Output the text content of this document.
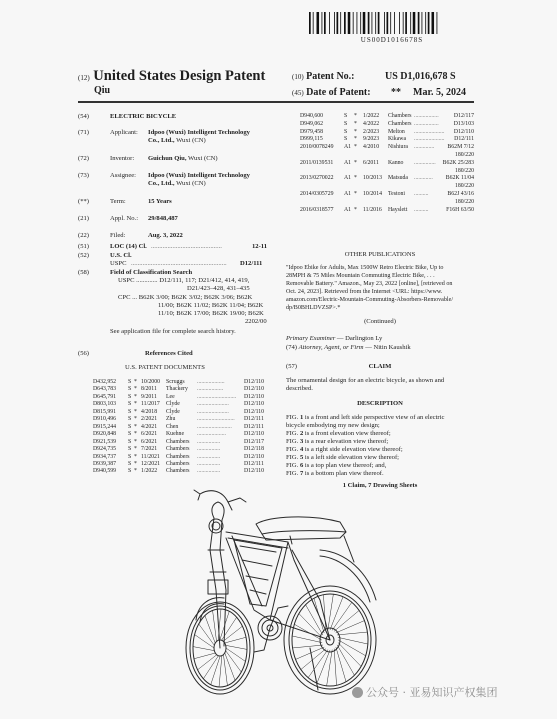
US00D1016678S
(12) United States Design Patent	(10) Patent No.:	US D1,016,678 S
Qiu	(45) Date of Patent: ** Mar. 5, 2024
(54)	ELECTRIC BICYCLE
(71)	Applicant: Idpoo (Wuxi) Intelligent Technology
Co., Ltd., Wuxi (CN)
(72)	Inventor: Guichun Qiu, Wuxi (CN)
(73)	Assignee: Idpoo (Wuxi) Intelligent Technology
Co., Ltd., Wuxi (CN)
(**)	Term:	15 Years
(21)	Appl. No.: 29/848,487
(22)	Filed:	Aug. 3, 2022
(51)	LOC (14) Cl. ...........................................	12-11
(52)	U.S. Cl.
USPC .......................................................... D12/111
(58)	Field of Classification Search
USPC ............. D12/111, 117; D21/412, 414, 419,
D21/423–428, 431–435
CPC ... B62K 3/00; B62K 3/02; B62K 3/06; B62K
11/00; B62K 11/02; B62K 11/04; B62K
11/10; B62K 17/00; B62K 19/00; B62K
2202/00
See application file for complete search history.
(56)	References Cited
U.S. PATENT DOCUMENTS
D432,952 S * 10/2000 Scruggs ...................	D12/110
D643,783 S * 8/2011 Thackery ..................	D12/110
D645,791 S * 9/2011 Lee	........................... D12/110
D803,103 S * 11/2017 Clyde	......................	D12/110
D815,991 S * 4/2018 Clyde	......................	D12/110
D910,496 S * 2/2021 Zhu	.......................... D12/111
D915,244 S * 4/2021 Chen	........................ D12/111
D920,848 S * 6/2021 Kuehne ....................	D12/110
D921,539 S * 6/2021 Chambers ................	D12/117
D924,735 S * 7/2021 Chambers ................	D12/118
D934,737 S * 11/2021 Chambers ................	D12/110
D939,387 S * 12/2021 Chambers ................	D12/111
D940,599 S * 1/2022 Chambers ................	D12/110
D940,600	S * 1/2022 Chambers .................	D12/117
D949,062	S * 4/2022 Chambers .................	D13/103
D979,458	S * 2/2023 Melton ..................... D12/110
D999,115	S * 9/2023 Kikawa ..................... D12/111
2010/0078249 A1 * 4/2010 Nishiura .............. B62M 7/12
180/220
2011/0139531 A1 * 6/2011 Kanno ............... B62K 25/283
180/220
2013/0270022 A1 * 10/2013 Matsuda ............. B62K 11/04
180/220
2014/0305729 A1 * 10/2014 Testoni ..........	B62J 43/16
180/220
2016/0318577 A1 * 11/2016 Hayslett ..........	F16H 63/50
OTHER PUBLICATIONS
"Idpoo Ebike for Adults, Max 1500W Retro Electric Bike, Up to
28MPH & 75 Miles Mountain Commuting Electric Bike, . . .
Removable Battery." Amazon., May 23, 2022 [online], [retrieved on
Oct. 24, 2023]. Retrieved from the Internet <URL: https://www.
amazon.com/Electric-Mountain-Commuting-Absorbers-Removable/
dp/B0BHLDVZSP>.*
(Continued)
Primary Examiner — Darlington Ly
(74) Attorney, Agent, or Firm — Nitin Kaushik
(57)	CLAIM
The ornamental design for an electric bicycle, as shown and
described.
DESCRIPTION
FIG. 1 is a front and left side perspective view of an electric
bicycle embodying my new design;
FIG. 2 is a front elevation view thereof;
FIG. 3 is a rear elevation view thereof;
FIG. 4 is a right side elevation view thereof;
FIG. 5 is a left side elevation view thereof;
FIG. 6 is a top plan view thereof; and,
FIG. 7 is a bottom plan view thereof.
1 Claim, 7 Drawing Sheets
公众号 · 亚易知识产权集团
